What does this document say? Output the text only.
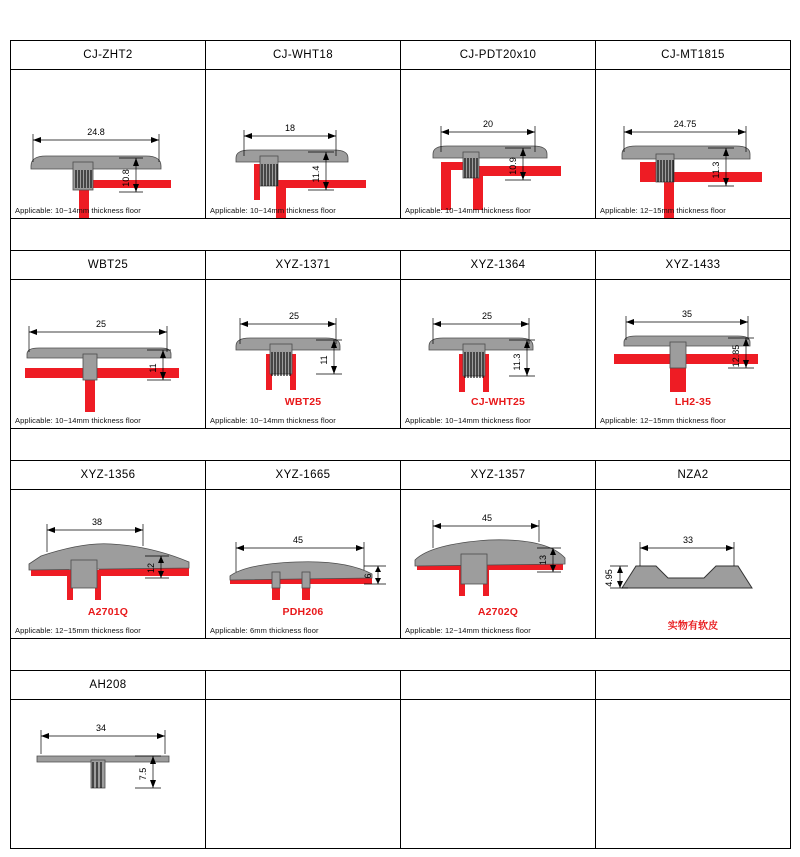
CJ-ZHT2
24.8
10.8
Applicable: 10~14mm thickness floor
CJ-WHT18
18
11.4
Applicable: 10~14mm thickness floor
CJ-PDT20x10
20
10.9
Applicable: 10~14mm thickness floor
CJ-MT1815
24.75
11.3
Applicable: 12~15mm thickness floor
WBT25
25
11
Applicable: 10~14mm thickness floor
XYZ-1371
25
11
WBT25
Applicable: 10~14mm thickness floor
XYZ-1364
25
11.3
CJ-WHT25
Applicable: 10~14mm thickness floor
XYZ-1433
35
12.85
LH2-35
Applicable: 12~15mm thickness floor
XYZ-1356
38
12
A2701Q
Applicable: 12~15mm thickness floor
XYZ-1665
45
6
PDH206
Applicable: 6mm thickness floor
XYZ-1357
45
13
A2702Q
Applicable: 12~14mm thickness floor
NZA2
33
4.95
实物有软皮
AH208
34
7.5
